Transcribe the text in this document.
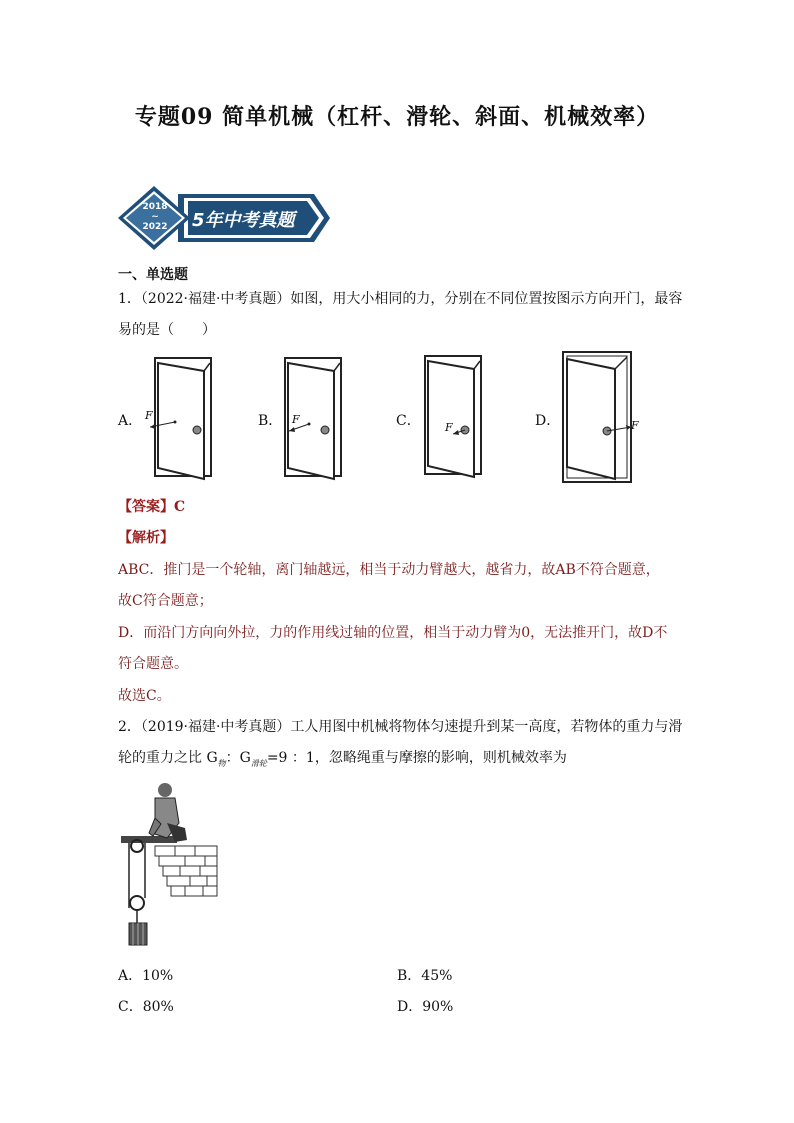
专题09 简单机械（杠杆、滑轮、斜面、机械效率）
2018
~
2022 5年中考真题
一、单选题
1．（2022·福建·中考真题）如图，用大小相同的力，分别在不同位置按图示方向开门，最容
易的是（　　）
A． F	B． F	C． F	D．	F
【答案】C
【解析】
ABC．推门是一个轮轴，离门轴越远，相当于动力臂越大，越省力，故AB不符合题意，
故C符合题意；
D．而沿门方向向外拉，力的作用线过轴的位置，相当于动力臂为0，无法推开门，故D不
符合题意。
故选C。
2．（2019·福建·中考真题）工人用图中机械将物体匀速提升到某一高度，若物体的重力与滑
轮的重力之比 $G_物$：$G_{滑轮}=9$ ：1，忽略绳重与摩擦的影响，则机械效率为
A．10%	B．45%
C．80%	D．90%
